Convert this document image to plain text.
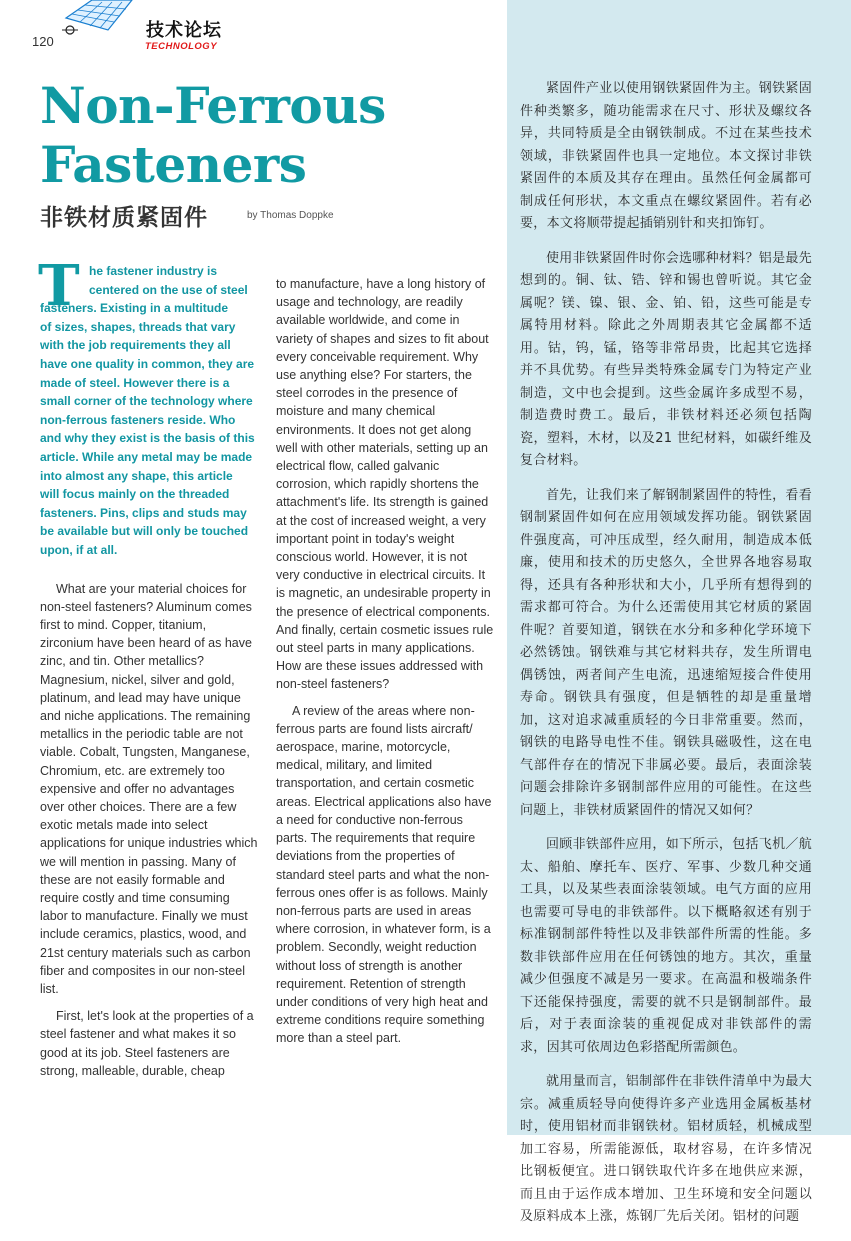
120
技术论坛
TECHNOLOGY
Non-Ferrous
Fasteners
非铁材质紧固件	by Thomas Doppke
T he fastener industry is
centered on the use of steel
fasteners. Existing in a multitude
of sizes, shapes, threads that vary
with the job requirements they all
have one quality in common, they are
made of steel. However there is a
small corner of the technology where
non-ferrous fasteners reside. Who
and why they exist is the basis of this
article. While any metal may be made
into almost any shape, this article
will focus mainly on the threaded
fasteners. Pins, clips and studs may
be available but will only be touched
upon, if at all.

What are your material choices for non-steel fasteners? Aluminum comes first to mind. Copper, titanium, zirconium have been heard of as have zinc, and tin. Other metallics? Magnesium, nickel, silver and gold, platinum, and lead may have unique and niche applications. The remaining metallics in the periodic table are not viable. Cobalt, Tungsten, Manganese, Chromium, etc. are extremely too expensive and offer no advantages over other choices. There are a few exotic metals made into select applications for unique industries which we will mention in passing. Many of these are not easily formable and require costly and time consuming labor to manufacture. Finally we must include ceramics, plastics, wood, and 21st century materials such as carbon fiber and composites in our non-steel list.

First, let's look at the properties of a steel fastener and what makes it so good at its job. Steel fasteners are strong, malleable, durable, cheap

to manufacture, have a long history of usage and technology, are readily available worldwide, and come in variety of shapes and sizes to fit about every conceivable requirement. Why use anything else? For starters, the steel corrodes in the presence of moisture and many chemical environments. It does not get along well with other materials, setting up an electrical flow, called galvanic corrosion, which rapidly shortens the attachment's life. Its strength is gained at the cost of increased weight, a very important point in today's weight conscious world. However, it is not very conductive in electrical circuits. It is magnetic, an undesirable property in the presence of electrical components. And finally, certain cosmetic issues rule out steel parts in many applications. How are these issues addressed with non-steel fasteners?

A review of the areas where non-ferrous parts are found lists aircraft/ aerospace, marine, motorcycle, medical, military, and limited transportation, and certain cosmetic areas. Electrical applications also have a need for conductive non-ferrous parts. The requirements that require deviations from the properties of standard steel parts and what the non-ferrous ones offer is as follows. Mainly non-ferrous parts are used in areas where corrosion, in whatever form, is a problem. Secondly, weight reduction without loss of strength is another requirement. Retention of strength under conditions of very high heat and extreme conditions require something more than a steel part.

紧固件产业以使用钢铁紧固件为主。钢铁紧固件种类繁多，随功能需求在尺寸、形状及螺纹各异，共同特质是全由钢铁制成。不过在某些技术领域，非铁紧固件也具一定地位。本文探讨非铁紧固件的本质及其存在理由。虽然任何金属都可制成任何形状，本文重点在螺纹紧固件。若有必要，本文将顺带提起插销别针和夹扣饰钉。

使用非铁紧固件时你会选哪种材料？铝是最先想到的。铜、钛、锆、锌和锡也曾听说。其它金属呢？镁、镍、银、金、铂、铅，这些可能是专属特用材料。除此之外周期表其它金属都不适用。钴，钨，锰，铬等非常昂贵，比起其它选择并不具优势。有些异类特殊金属专门为特定产业制造，文中也会提到。这些金属许多成型不易，制造费时费工。最后，非铁材料还必须包括陶瓷，塑料，木材，以及21 世纪材料，如碳纤维及复合材料。

首先，让我们来了解钢制紧固件的特性，看看钢制紧固件如何在应用领域发挥功能。钢铁紧固件强度高，可冲压成型，经久耐用，制造成本低廉，使用和技术的历史悠久，全世界各地容易取得，还具有各种形状和大小，几乎所有想得到的需求都可符合。为什么还需使用其它材质的紧固件呢？首要知道，钢铁在水分和多种化学环境下必然锈蚀。钢铁难与其它材料共存，发生所谓电偶锈蚀，两者间产生电流，迅速缩短接合件使用寿命。钢铁具有强度，但是牺牲的却是重量增加，这对追求减重质轻的今日非常重要。然而，钢铁的电路导电性不佳。钢铁具磁吸性，这在电气部件存在的情况下非属必要。最后，表面涂装问题会排除许多钢制部件应用的可能性。在这些问题上，非铁材质紧固件的情况又如何？

回顾非铁部件应用，如下所示，包括飞机／航太、船舶、摩托车、医疗、军事、少数几种交通工具，以及某些表面涂装领域。电气方面的应用也需要可导电的非铁部件。以下概略叙述有别于标准钢制部件特性以及非铁部件所需的性能。多数非铁部件应用在任何锈蚀的地方。其次，重量减少但强度不减是另一要求。在高温和极端条件下还能保持强度，需要的就不只是钢制部件。最后，对于表面涂装的重视促成对非铁部件的需求，因其可依周边色彩搭配所需颜色。

就用量而言，铝制部件在非铁件清单中为最大宗。减重质轻导向使得许多产业选用金属板基材时，使用铝材而非钢铁材。铝材质轻，机械成型加工容易，所需能源低，取材容易，在许多情况比钢板便宜。进口钢铁取代许多在地供应来源，而且由于运作成本增加、卫生环境和安全问题以及原料成本上涨，炼钢厂先后关闭。铝材的问题
